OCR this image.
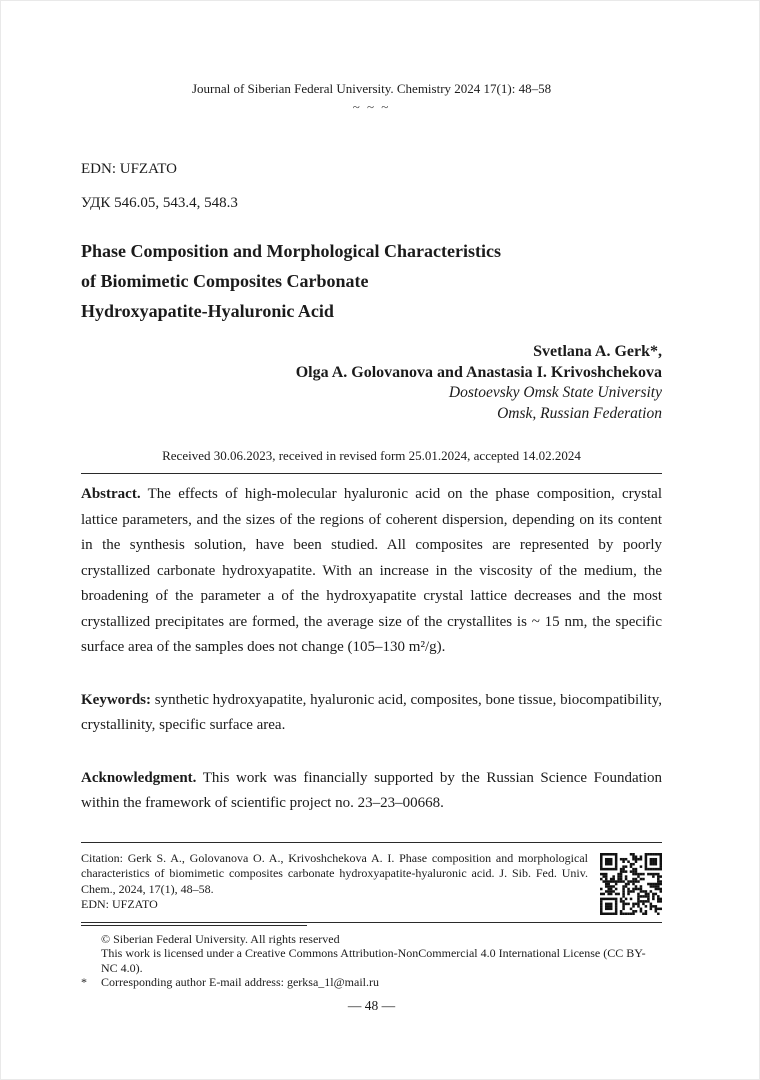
Journal of Siberian Federal University. Chemistry 2024 17(1): 48–58
~ ~ ~
EDN: UFZATO
УДК 546.05, 543.4, 548.3
Phase Composition and Morphological Characteristics
of Biomimetic Composites Carbonate
Hydroxyapatite-Hyaluronic Acid
Svetlana A. Gerk*,
Olga A. Golovanova and Anastasia I. Krivoshchekova
Dostoevsky Omsk State University
Omsk, Russian Federation
Received 30.06.2023, received in revised form 25.01.2024, accepted 14.02.2024

Abstract. The effects of high-molecular hyaluronic acid on the phase composition, crystal lattice parameters, and the sizes of the regions of coherent dispersion, depending on its content in the synthesis solution, have been studied. All composites are represented by poorly crystallized carbonate hydroxyapatite. With an increase in the viscosity of the medium, the broadening of the parameter a of the hydroxyapatite crystal lattice decreases and the most crystallized precipitates are formed, the average size of the crystallites is ~ 15 nm, the specific surface area of the samples does not change (105–130 m²/g).

Keywords: synthetic hydroxyapatite, hyaluronic acid, composites, bone tissue, biocompatibility, crystallinity, specific surface area.

Acknowledgment. This work was financially supported by the Russian Science Foundation within the framework of scientific project no. 23–23–00668.

Citation: Gerk S. A., Golovanova O. A., Krivoshchekova A. I. Phase composition and morphological characteristics of biomimetic composites carbonate hydroxyapatite-hyaluronic acid. J. Sib. Fed. Univ. Chem., 2024, 17(1), 48–58.
EDN: UFZATO
© Siberian Federal University. All rights reserved
This work is licensed under a Creative Commons Attribution-NonCommercial 4.0 International License (CC BY-NC 4.0).
*	Corresponding author E-mail address: gerksa_1l@mail.ru
— 48 —
